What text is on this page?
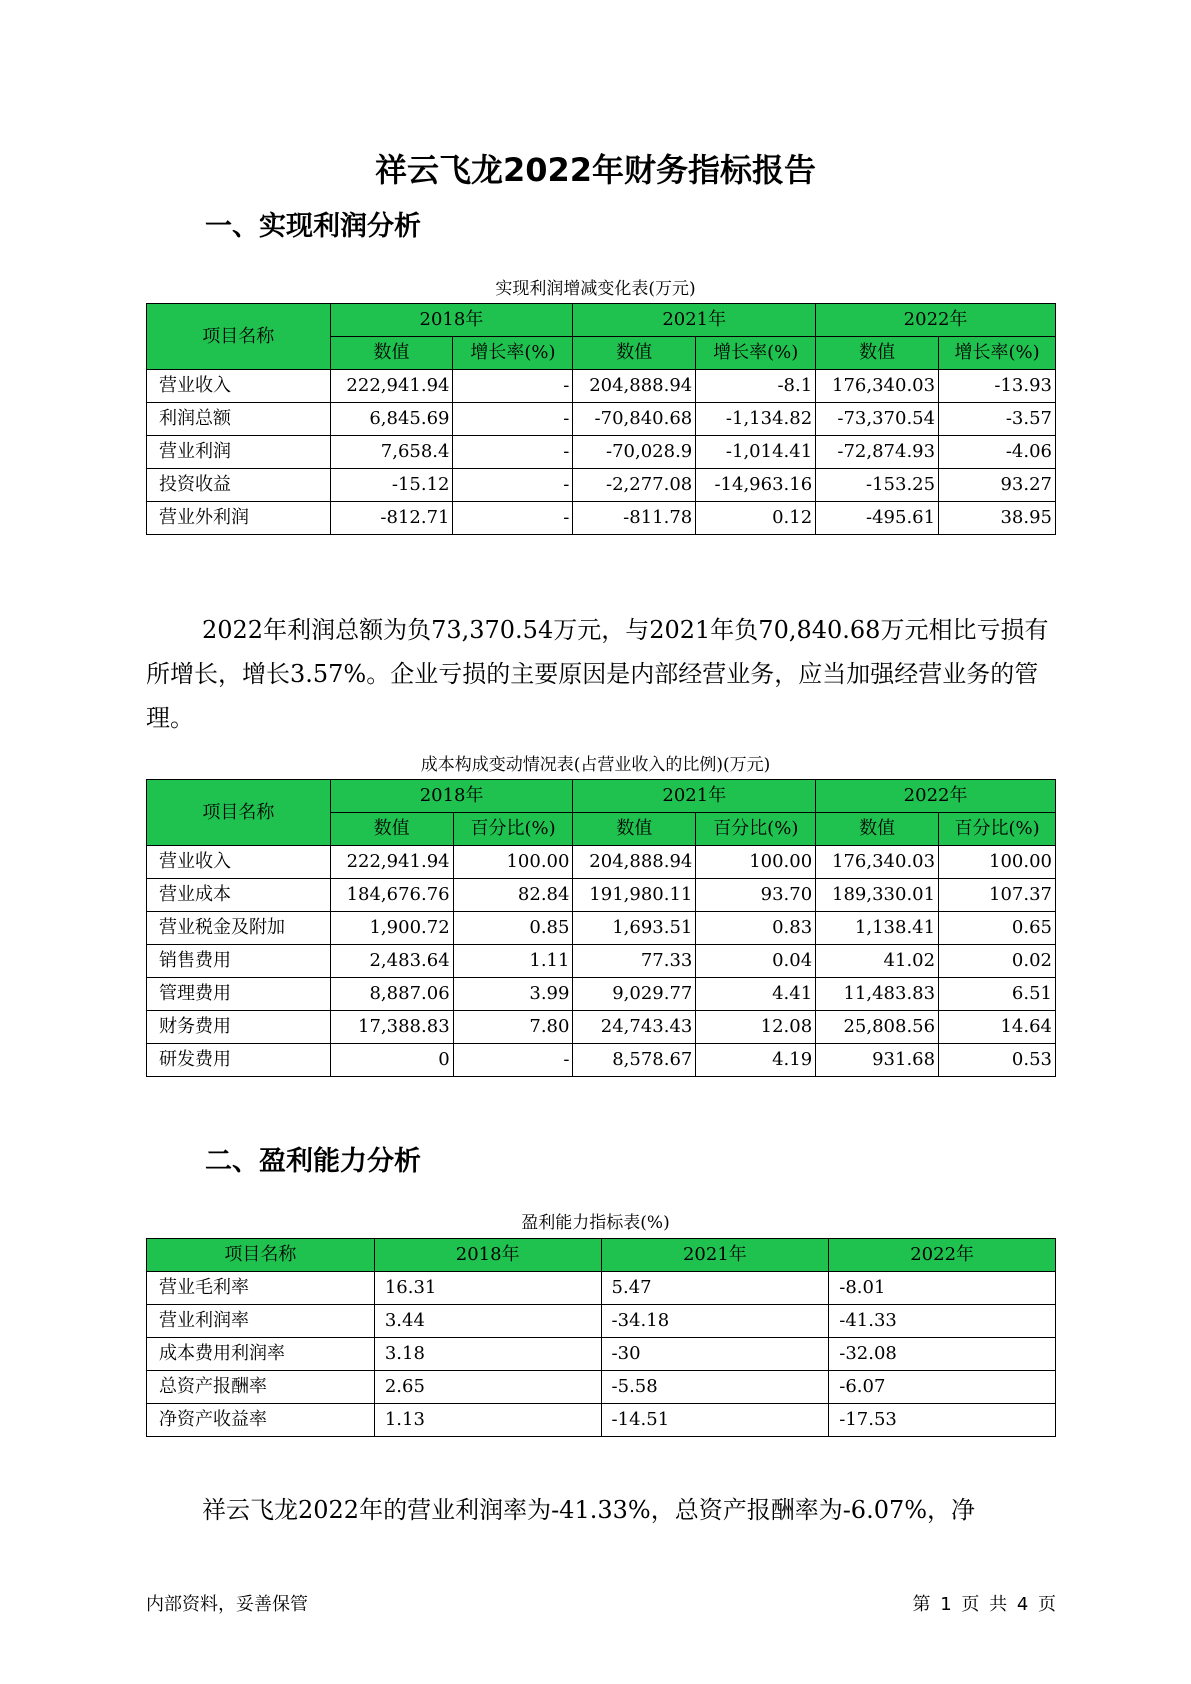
祥云飞龙2022年财务指标报告
一、实现利润分析
实现利润增减变化表(万元)
项目名称	2018年		2021年		2022年	
	数值	增长率(%)	数值	增长率(%)	数值	增长率(%)
营业收入	222,941.94	-	204,888.94	-8.1	176,340.03	-13.93
利润总额	6,845.69	-	-70,840.68	-1,134.82	-73,370.54	-3.57
营业利润	7,658.4	-	-70,028.9	-1,014.41	-72,874.93	-4.06
投资收益	-15.12	-	-2,277.08	-14,963.16	-153.25	93.27
营业外利润	-812.71	-	-811.78	0.12	-495.61	38.95
2022年利润总额为负73,370.54万元，与2021年负70,840.68万元相比亏损有所增长，增长3.57%。企业亏损的主要原因是内部经营业务，应当加强经营业务的管理。
成本构成变动情况表(占营业收入的比例)(万元)
项目名称	2018年		2021年		2022年	
	数值	百分比(%)	数值	百分比(%)	数值	百分比(%)
营业收入	222,941.94	100.00	204,888.94	100.00	176,340.03	100.00
营业成本	184,676.76	82.84	191,980.11	93.70	189,330.01	107.37
营业税金及附加	1,900.72	0.85	1,693.51	0.83	1,138.41	0.65
销售费用	2,483.64	1.11	77.33	0.04	41.02	0.02
管理费用	8,887.06	3.99	9,029.77	4.41	11,483.83	6.51
财务费用	17,388.83	7.80	24,743.43	12.08	25,808.56	14.64
研发费用	0	-	8,578.67	4.19	931.68	0.53
二、盈利能力分析
盈利能力指标表(%)
项目名称	2018年	2021年	2022年
营业毛利率	16.31	5.47	-8.01
营业利润率	3.44	-34.18	-41.33
成本费用利润率	3.18	-30	-32.08
总资产报酬率	2.65	-5.58	-6.07
净资产收益率	1.13	-14.51	-17.53
祥云飞龙2022年的营业利润率为-41.33%，总资产报酬率为-6.07%，净
内部资料，妥善保管	第 1 页 共 4 页
